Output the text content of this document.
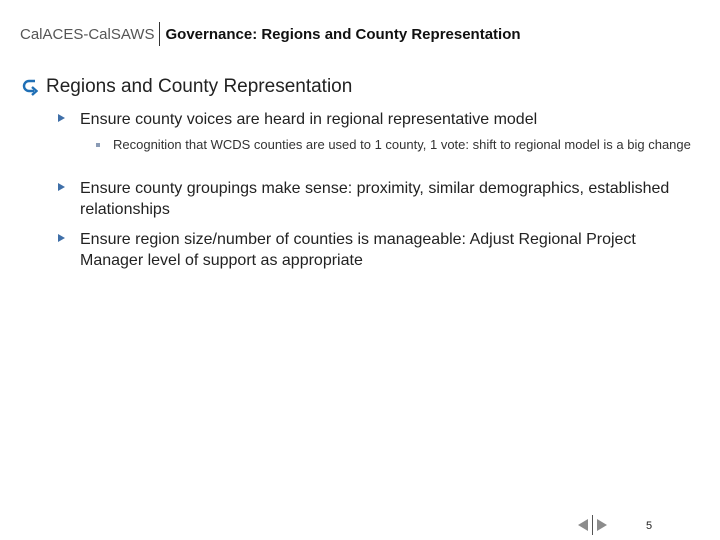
CalACES-CalSAWS Governance: Regions and County Representation
Regions and County Representation
Ensure county voices are heard in regional representative model
Recognition that WCDS counties are used to 1 county, 1 vote: shift to regional model is a big change
Ensure county groupings make sense: proximity, similar demographics, established relationships
Ensure region size/number of counties is manageable: Adjust Regional Project Manager level of support as appropriate
5
